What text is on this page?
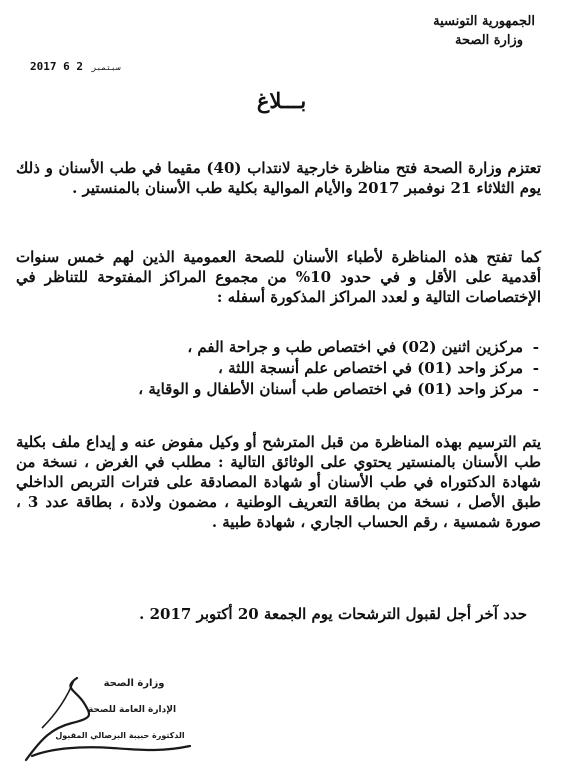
الجمهورية التونسية
وزارة الصحة
2017	سبتمبر 2 6
بـــلاغ
تعتزم وزارة الصحة فتح مناظرة خارجية لانتداب (40) مقيما في طب الأسنان و ذلك يوم الثلاثاء 21 نوفمبر 2017 والأيام الموالية بكلية طب الأسنان بالمنستير .
كما تفتح هذه المناظرة لأطباء الأسنان للصحة العمومية الذين لهم خمس سنوات أقدمية على الأقل و في حدود 10% من مجموع المراكز المفتوحة للتناظر في الإختصاصات التالية و لعدد المراكز المذكورة أسفله :
- مركزين اثنين (02) في اختصاص طب و جراحة الفم ،
- مركز واحد (01) في اختصاص علم أنسجة اللثة ،
- مركز واحد (01) في اختصاص طب أسنان الأطفال و الوقاية ،
يتم الترسيم بهذه المناظرة من قبل المترشح أو وكيل مفوض عنه و إيداع ملف بكلية طب الأسنان بالمنستير يحتوي على الوثائق التالية : مطلب في الغرض ، نسخة من شهادة الدكتوراه في طب الأسنان أو شهادة المصادقة على فترات التربص الداخلي طبق الأصل ، نسخة من بطاقة التعريف الوطنية ، مضمون ولادة ، بطاقة عدد 3 ، صورة شمسية ، رقم الحساب الجاري ، شهادة طبية .
حدد آخر أجل لقبول الترشحات يوم الجمعة 20 أكتوبر 2017 .
وزارة الصحة
الإدارة العامة للصحة
الدكتورة حبيبة البرصالي المقبول
